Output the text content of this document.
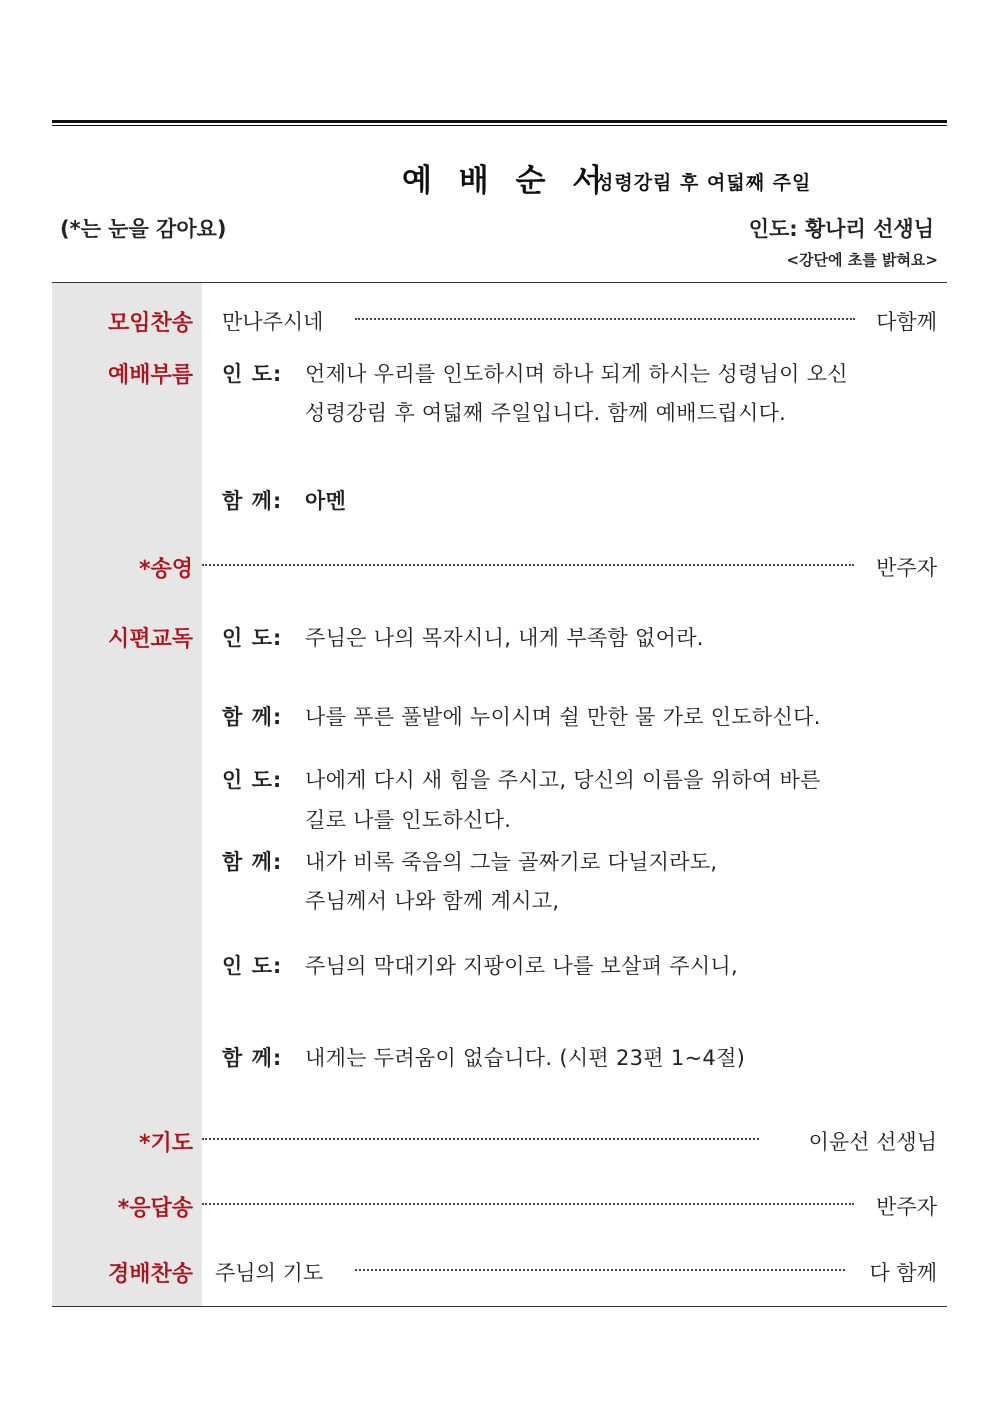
예 배 순 서
성령강림 후 여덟째 주일
(*는 눈을 감아요)	인도: 황나리 선생님
<강단에 초를 밝혀요>
모임찬송 만나주시네	다함께
예배부름 인 도: 언제나 우리를 인도하시며 하나 되게 하시는 성령님이 오신
성령강림 후 여덟째 주일입니다. 함께 예배드립시다.
함 께: 아멘
*송영	반주자
시편교독 인 도: 주님은 나의 목자시니, 내게 부족함 없어라.
함 께: 나를 푸른 풀밭에 누이시며 쉴 만한 물 가로 인도하신다.
인 도: 나에게 다시 새 힘을 주시고, 당신의 이름을 위하여 바른
길로 나를 인도하신다.
함 께: 내가 비록 죽음의 그늘 골짜기로 다닐지라도,
주님께서 나와 함께 계시고,
인 도: 주님의 막대기와 지팡이로 나를 보살펴 주시니,
함 께: 내게는 두려움이 없습니다. (시편 23편 1~4절)
*기도	이윤선 선생님
*응답송	반주자
경배찬송 주님의 기도	다 함께
